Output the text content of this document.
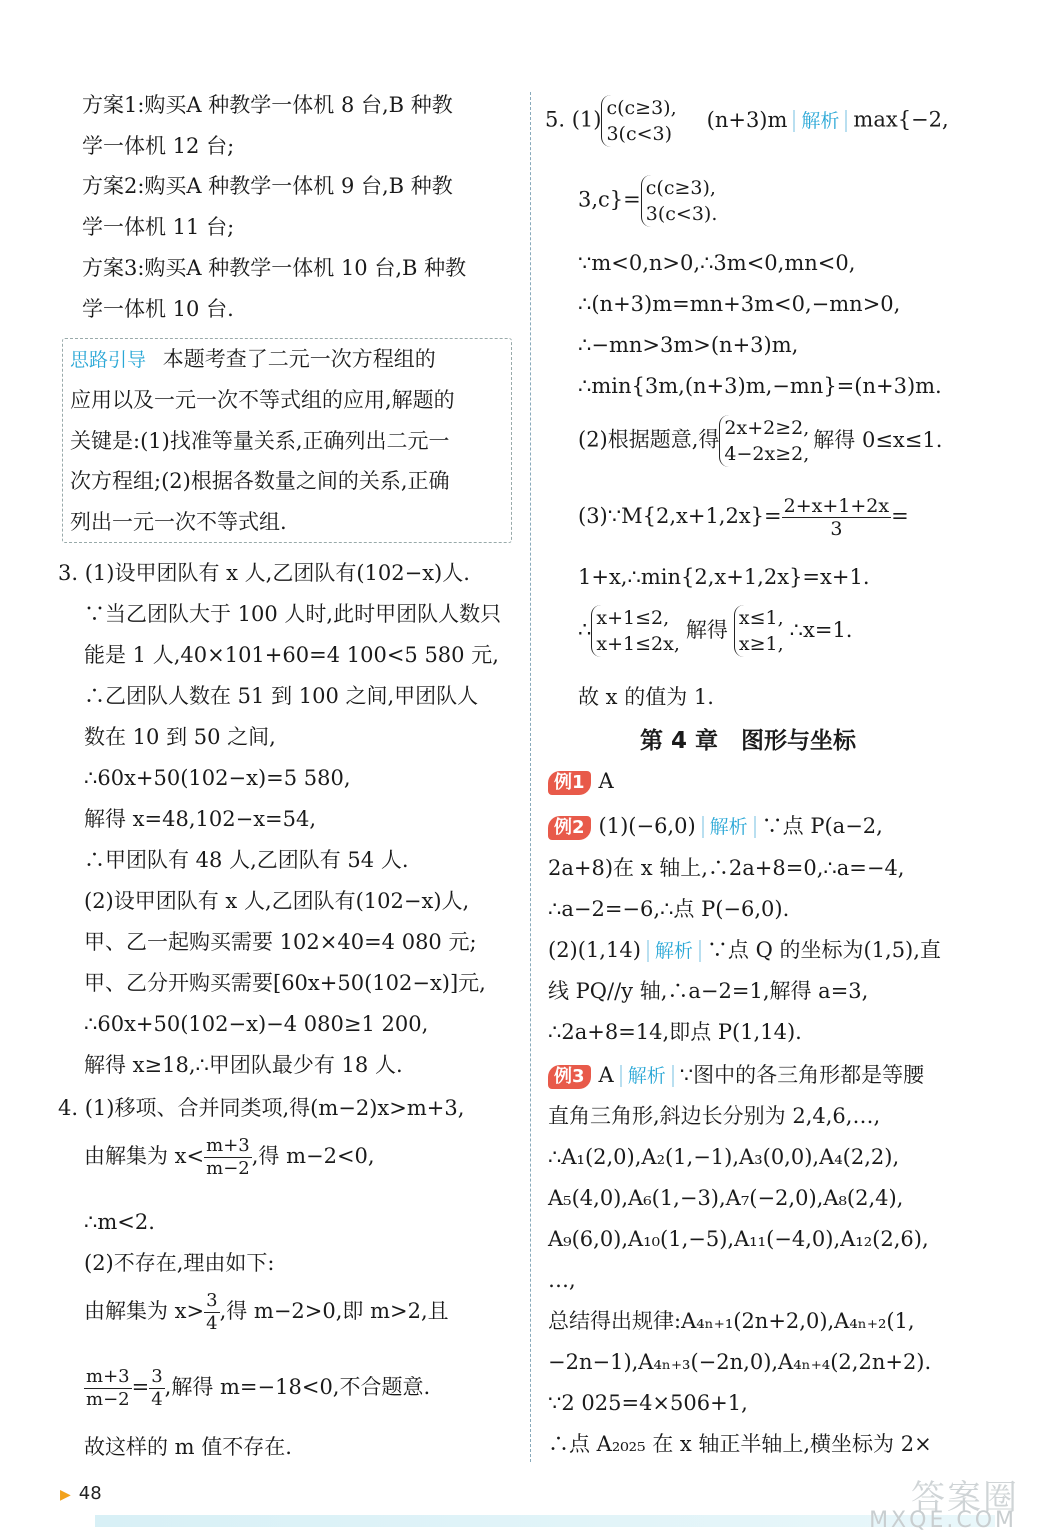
方案1:购买A 种教学一体机 8 台,B 种教
学一体机 12 台;
方案2:购买A 种教学一体机 9 台,B 种教
学一体机 11 台;
方案3:购买A 种教学一体机 10 台,B 种教
学一体机 10 台.
思路引导 本题考查了二元一次方程组的
应用以及一元一次不等式组的应用,解题的
关键是:(1)找准等量关系,正确列出二元一
次方程组;(2)根据各数量之间的关系,正确
列出一元一次不等式组.
3. (1)设甲团队有 x 人,乙团队有(102−x)人.
∵当乙团队大于 100 人时,此时甲团队人数只
能是 1 人,40×101+60=4 100<5 580 元,
∴乙团队人数在 51 到 100 之间,甲团队人
数在 10 到 50 之间,
∴60x+50(102−x)=5 580,
解得 x=48,102−x=54,
∴甲团队有 48 人,乙团队有 54 人.
(2)设甲团队有 x 人,乙团队有(102−x)人,
甲、乙一起购买需要 102×40=4 080 元;
甲、乙分开购买需要[60x+50(102−x)]元,
∴60x+50(102−x)−4 080≥1 200,
解得 x≥18,∴甲团队最少有 18 人.
4. (1)移项、合并同类项,得(m−2)x>m+3,
由解集为 $x< \frac{m+3}{m-2}$ ,得 m−2<0,
∴m<2.
(2)不存在,理由如下:
由解集为 $x> \frac{3}{4}$ ,得 m−2>0,即 m>2,且
$\frac{m+3}{m-2} = \frac{3}{4}$ ,解得 m=−18<0,不合题意.
故这样的 m 值不存在.
5. (1) c(c≥3),
3(c<3)
(n+3)m 解析 max{−2,
3,c}= c(c≥3),
3(c<3).
∵m<0,n>0,∴3m<0,mn<0,
∴(n+3)m=mn+3m<0,−mn>0,
∴−mn>3m>(n+3)m,
∴min{3m,(n+3)m,−mn}=(n+3)m.
(2)根据题意,得 2x+2≥2,
4−2x≥2,
解得 0≤x≤1.
(3)∵M{2,x+1,2x}= $\frac{2+x+1+2x}{3}$ =
1+x,∴min{2,x+1,2x}=x+1.
∴ x+1≤2,
x+1≤2x,
解得 x≤1,
x≥1,
∴x=1.
故 x 的值为 1.
第 4 章　图形与坐标
例1 A
例2 (1)(−6,0) 解析 ∵点 P(a−2,
2a+8)在 x 轴上,∴2a+8=0,∴a=−4,
∴a−2=−6,∴点 P(−6,0).
(2)(1,14) 解析 ∵点 Q 的坐标为(1,5),直
线 PQ//y 轴,∴a−2=1,解得 a=3,
∴2a+8=14,即点 P(1,14).
例3 A 解析 ∵图中的各三角形都是等腰
直角三角形,斜边长分别为 2,4,6,…,
∴A₁(2,0),A₂(1,−1),A₃(0,0),A₄(2,2),
A₅(4,0),A₆(1,−3),A₇(−2,0),A₈(2,4),
A₉(6,0),A₁₀(1,−5),A₁₁(−4,0),A₁₂(2,6),
…,
总结得出规律:A₄ₙ₊₁(2n+2,0),A₄ₙ₊₂(1,
−2n−1),A₄ₙ₊₃(−2n,0),A₄ₙ₊₄(2,2n+2).
∵2 025=4×506+1,
∴点 A₂₀₂₅ 在 x 轴正半轴上,横坐标为 2×
▶ 48	答案圈
MXQE.COM
